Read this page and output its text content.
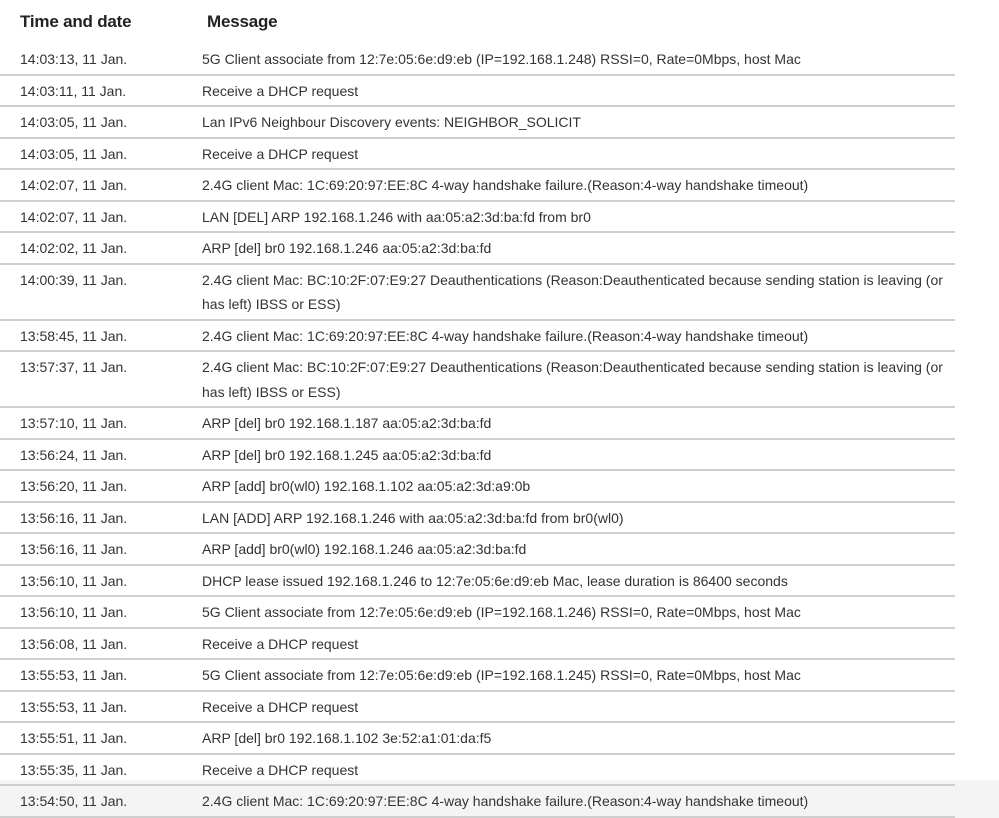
Time and date	Message
14:03:13, 11 Jan.	5G Client associate from 12:7e:05:6e:d9:eb (IP=192.168.1.248) RSSI=0, Rate=0Mbps, host Mac
14:03:11, 11 Jan.	Receive a DHCP request
14:03:05, 11 Jan.	Lan IPv6 Neighbour Discovery events: NEIGHBOR_SOLICIT
14:03:05, 11 Jan.	Receive a DHCP request
14:02:07, 11 Jan.	2.4G client Mac: 1C:69:20:97:EE:8C 4-way handshake failure.(Reason:4-way handshake timeout)
14:02:07, 11 Jan.	LAN [DEL] ARP 192.168.1.246 with aa:05:a2:3d:ba:fd from br0
14:02:02, 11 Jan.	ARP [del] br0 192.168.1.246 aa:05:a2:3d:ba:fd
14:00:39, 11 Jan.	2.4G client Mac: BC:10:2F:07:E9:27 Deauthentications (Reason:Deauthenticated because sending station is leaving (or has left) IBSS or ESS)
13:58:45, 11 Jan.	2.4G client Mac: 1C:69:20:97:EE:8C 4-way handshake failure.(Reason:4-way handshake timeout)
13:57:37, 11 Jan.	2.4G client Mac: BC:10:2F:07:E9:27 Deauthentications (Reason:Deauthenticated because sending station is leaving (or has left) IBSS or ESS)
13:57:10, 11 Jan.	ARP [del] br0 192.168.1.187 aa:05:a2:3d:ba:fd
13:56:24, 11 Jan.	ARP [del] br0 192.168.1.245 aa:05:a2:3d:ba:fd
13:56:20, 11 Jan.	ARP [add] br0(wl0) 192.168.1.102 aa:05:a2:3d:a9:0b
13:56:16, 11 Jan.	LAN [ADD] ARP 192.168.1.246 with aa:05:a2:3d:ba:fd from br0(wl0)
13:56:16, 11 Jan.	ARP [add] br0(wl0) 192.168.1.246 aa:05:a2:3d:ba:fd
13:56:10, 11 Jan.	DHCP lease issued 192.168.1.246 to 12:7e:05:6e:d9:eb Mac, lease duration is 86400 seconds
13:56:10, 11 Jan.	5G Client associate from 12:7e:05:6e:d9:eb (IP=192.168.1.246) RSSI=0, Rate=0Mbps, host Mac
13:56:08, 11 Jan.	Receive a DHCP request
13:55:53, 11 Jan.	5G Client associate from 12:7e:05:6e:d9:eb (IP=192.168.1.245) RSSI=0, Rate=0Mbps, host Mac
13:55:53, 11 Jan.	Receive a DHCP request
13:55:51, 11 Jan.	ARP [del] br0 192.168.1.102 3e:52:a1:01:da:f5
13:55:35, 11 Jan.	Receive a DHCP request
13:54:50, 11 Jan.	2.4G client Mac: 1C:69:20:97:EE:8C 4-way handshake failure.(Reason:4-way handshake timeout)
